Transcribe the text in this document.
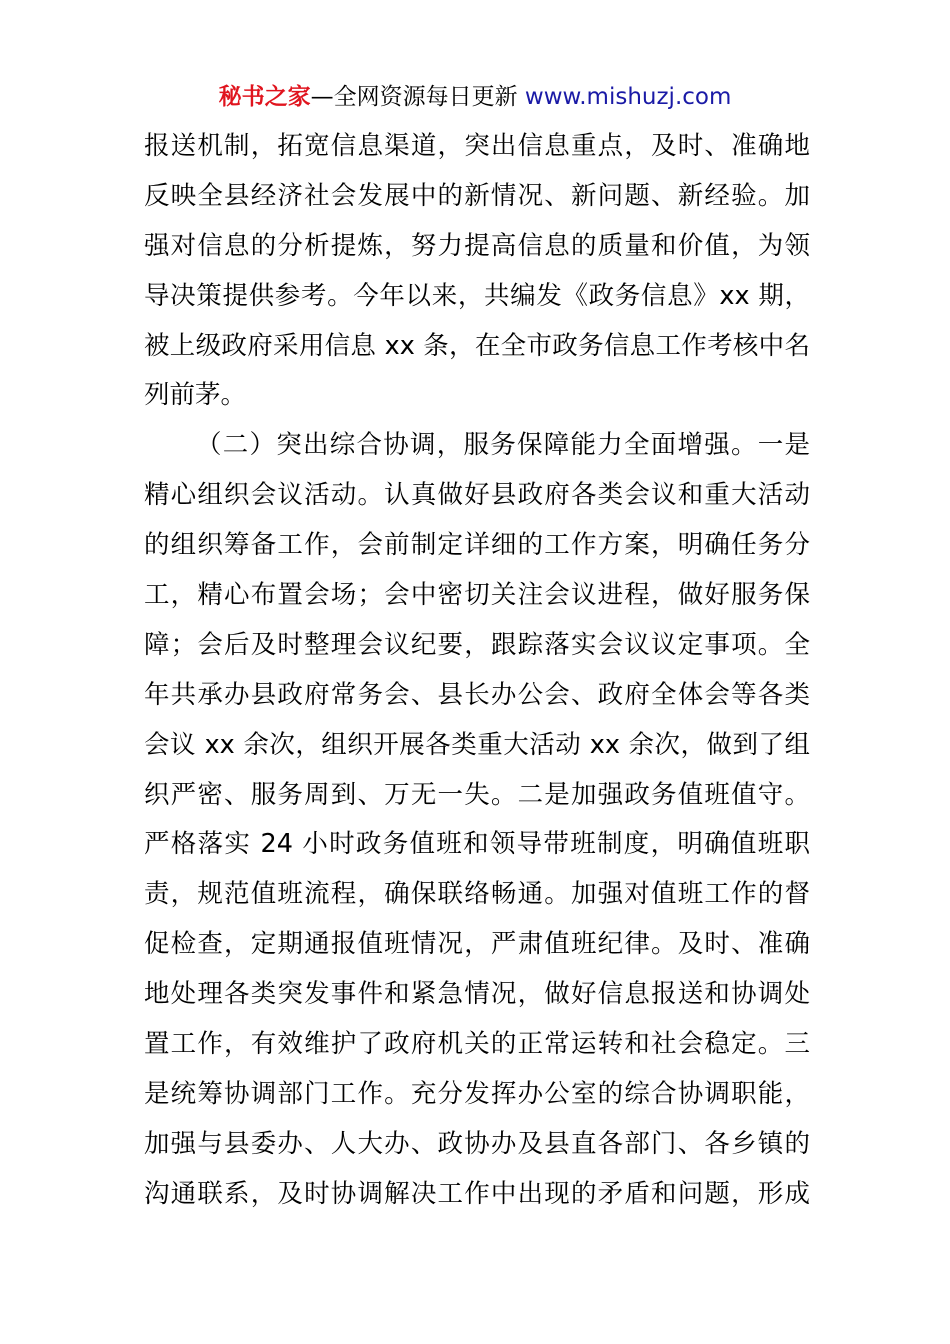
秘书之家—全网资源每日更新 www.mishuzj.com
报送机制，拓宽信息渠道，突出信息重点，及时、准确地
反映全县经济社会发展中的新情况、新问题、新经验。加
强对信息的分析提炼，努力提高信息的质量和价值，为领
导决策提供参考。今年以来，共编发《政务信息》xx 期，
被上级政府采用信息 xx 条，在全市政务信息工作考核中名
列前茅。
（二）突出综合协调，服务保障能力全面增强。一是
精心组织会议活动。认真做好县政府各类会议和重大活动
的组织筹备工作，会前制定详细的工作方案，明确任务分
工，精心布置会场；会中密切关注会议进程，做好服务保
障；会后及时整理会议纪要，跟踪落实会议议定事项。全
年共承办县政府常务会、县长办公会、政府全体会等各类
会议 xx 余次，组织开展各类重大活动 xx 余次，做到了组
织严密、服务周到、万无一失。二是加强政务值班值守。
严格落实 24 小时政务值班和领导带班制度，明确值班职
责，规范值班流程，确保联络畅通。加强对值班工作的督
促检查，定期通报值班情况，严肃值班纪律。及时、准确
地处理各类突发事件和紧急情况，做好信息报送和协调处
置工作，有效维护了政府机关的正常运转和社会稳定。三
是统筹协调部门工作。充分发挥办公室的综合协调职能，
加强与县委办、人大办、政协办及县直各部门、各乡镇的
沟通联系，及时协调解决工作中出现的矛盾和问题，形成
